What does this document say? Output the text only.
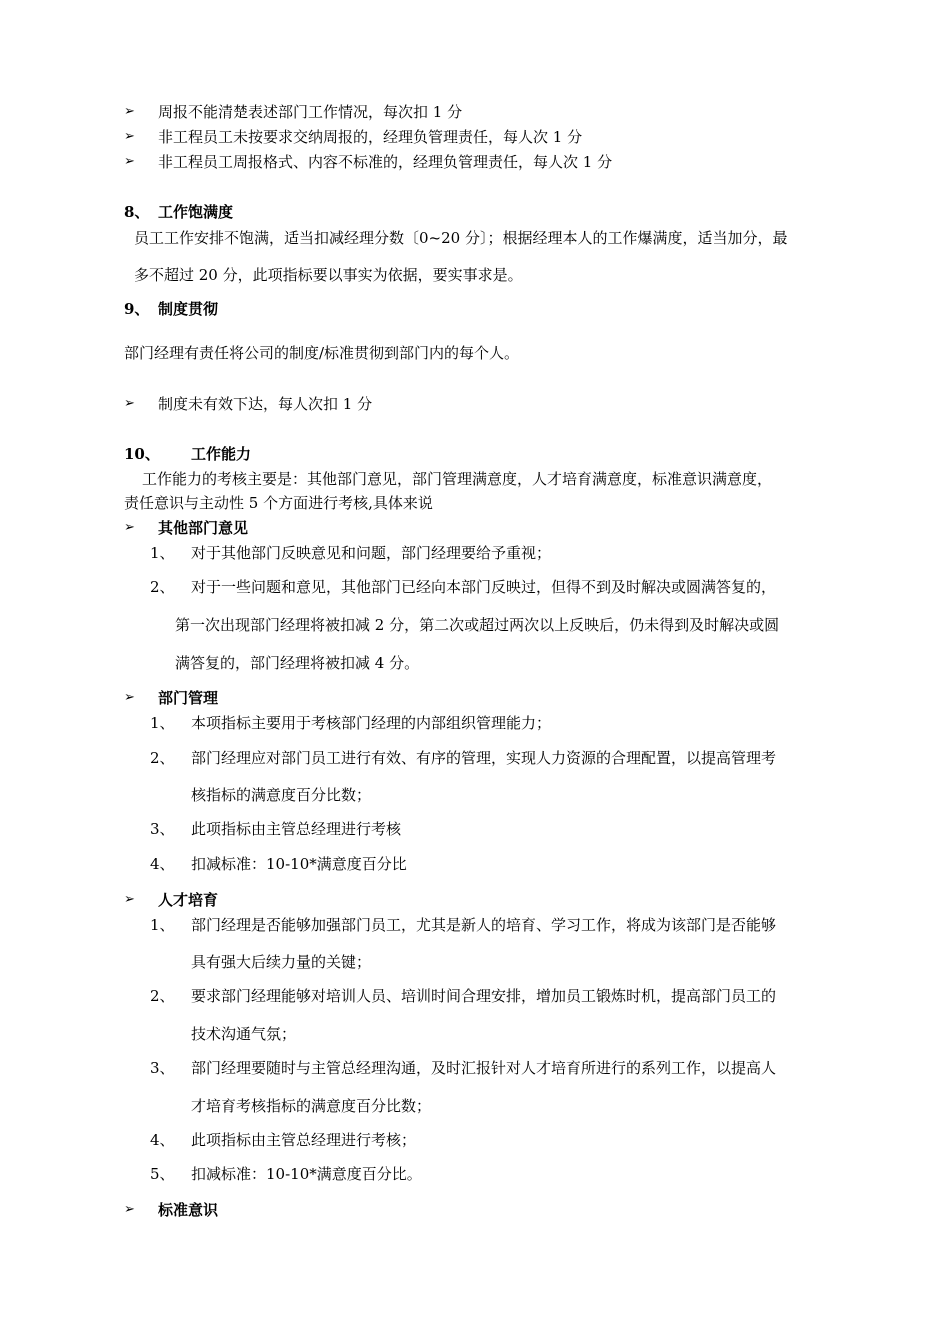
➢ 周报不能清楚表述部门工作情况，每次扣 1 分
➢ 非工程员工未按要求交纳周报的，经理负管理责任，每人次 1 分
➢ 非工程员工周报格式、内容不标准的，经理负管理责任，每人次 1 分
8、 工作饱满度
员工工作安排不饱满，适当扣减经理分数〔0~20 分〕；根据经理本人的工作爆满度，适当加分，最
多不超过 20 分，此项指标要以事实为依据，要实事求是。
9、 制度贯彻
部门经理有责任将公司的制度/标准贯彻到部门内的每个人。
➢ 制度未有效下达，每人次扣 1 分
10、 工作能力
工作能力的考核主要是：其他部门意见，部门管理满意度，人才培育满意度，标准意识满意度，
责任意识与主动性 5 个方面进行考核,具体来说
➢ 其他部门意见
1、 对于其他部门反映意见和问题，部门经理要给予重视；
2、 对于一些问题和意见，其他部门已经向本部门反映过，但得不到及时解决或圆满答复的，
第一次出现部门经理将被扣减 2 分，第二次或超过两次以上反映后，仍未得到及时解决或圆
满答复的，部门经理将被扣减 4 分。
➢ 部门管理
1、 本项指标主要用于考核部门经理的内部组织管理能力；
2、 部门经理应对部门员工进行有效、有序的管理，实现人力资源的合理配置，以提高管理考
核指标的满意度百分比数；
3、 此项指标由主管总经理进行考核
4、 扣减标准：10-10*满意度百分比
➢ 人才培育
1、 部门经理是否能够加强部门员工，尤其是新人的培育、学习工作，将成为该部门是否能够
具有强大后续力量的关键；
2、 要求部门经理能够对培训人员、培训时间合理安排，增加员工锻炼时机，提高部门员工的
技术沟通气氛；
3、 部门经理要随时与主管总经理沟通，及时汇报针对人才培育所进行的系列工作，以提高人
才培育考核指标的满意度百分比数；
4、 此项指标由主管总经理进行考核；
5、 扣减标准：10-10*满意度百分比。
➢ 标准意识
